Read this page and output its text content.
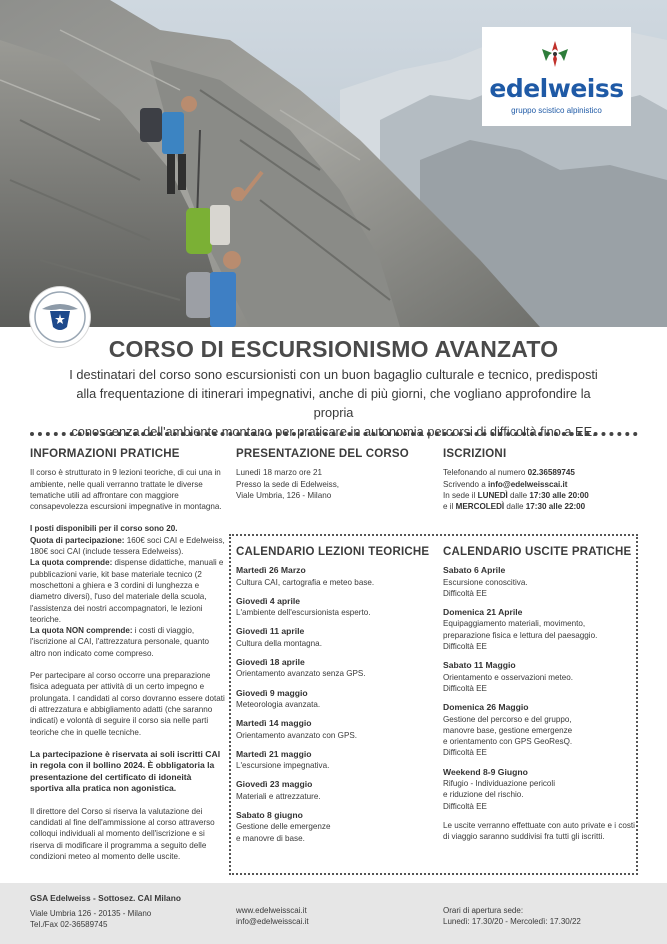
edelweiss
gruppo scistico alpinistico
CORSO DI ESCURSIONISMO AVANZATO
I destinatari del corso sono escursionisti con un buon bagaglio culturale e tecnico, predisposti
alla frequentazione di itinerari impegnativi, anche di più giorni, che vogliano approfondire la propria
conoscenza dell'ambiente montano per praticare in autonomia percorsi di difficoltà fino a EE.
INFORMAZIONI PRATICHE
Il corso è strutturato in 9 lezioni teoriche, di cui una in ambiente, nelle quali verranno trattate le diverse tematiche utili ad affrontare con maggiore consapevolezza escursioni impegnative in montagna.
I posti disponibili per il corso sono 20.
Quota di partecipazione: 160€ soci CAI e Edelweiss, 180€ soci CAI (include tessera Edelweiss).
La quota comprende: dispense didattiche, manuali e pubblicazioni varie, kit base materiale tecnico (2 moschettoni a ghiera e 3 cordini di lunghezza e diametro diversi), l'uso del materiale della scuola, l'assistenza dei nostri accompagnatori, le lezioni teoriche.
La quota NON comprende: i costi di viaggio, l'iscrizione al CAI, l'attrezzatura personale, quanto altro non indicato come compreso.
Per partecipare al corso occorre una preparazione fisica adeguata per attività di un certo impegno e prolungata. I candidati al corso dovranno essere dotati di attrezzatura e abbigliamento adatti (che saranno indicati) e volontà di seguire il corso sia nelle parti teoriche che in quelle tecniche.
La partecipazione è riservata ai soli iscritti CAI in regola con il bollino 2024. È obbligatoria la presentazione del certificato di idoneità sportiva alla pratica non agonistica.
Il direttore del Corso si riserva la valutazione dei candidati al fine dell'ammissione al corso attraverso colloqui individuali al momento dell'iscrizione e si riserva di modificare il programma a seguito delle condizioni meteo al momento delle uscite.
PRESENTAZIONE DEL CORSO
Lunedì 18 marzo ore 21
Presso la sede di Edelweiss,
Viale Umbria, 126 - Milano
ISCRIZIONI
Telefonando al numero 02.36589745
Scrivendo a info@edelweisscai.it
In sede il LUNEDÌ dalle 17:30 alle 20:00
e il MERCOLEDÌ dalle 17:30 alle 22:00
CALENDARIO LEZIONI TEORICHE
Martedì 26 Marzo
Cultura CAI, cartografia e meteo base.
Giovedì 4 aprile
L'ambiente dell'escursionista esperto.
Giovedì 11 aprile
Cultura della montagna.
Giovedì 18 aprile
Orientamento avanzato senza GPS.
Giovedì 9 maggio
Meteorologia avanzata.
Martedì 14 maggio
Orientamento avanzato con GPS.
Martedì 21 maggio
L'escursione impegnativa.
Giovedì 23 maggio
Materiali e attrezzature.
Sabato 8 giugno
Gestione delle emergenze
e manovre di base.
CALENDARIO USCITE PRATICHE
Sabato 6 Aprile
Escursione conoscitiva.
Difficoltà EE
Domenica 21 Aprile
Equipaggiamento materiali, movimento,
preparazione fisica e lettura del paesaggio.
Difficoltà EE
Sabato 11 Maggio
Orientamento e osservazioni meteo.
Difficoltà EE
Domenica 26 Maggio
Gestione del percorso e del gruppo,
manovre base, gestione emergenze
e orientamento con GPS GeoResQ.
Difficoltà EE
Weekend 8-9 Giugno
Rifugio - Individuazione pericoli
e riduzione del rischio.
Difficoltà EE
Le uscite verranno effettuate con auto private e i costi di viaggio saranno suddivisi fra tutti gli iscritti.
GSA Edelweiss - Sottosez. CAI Milano
Viale Umbria 126 - 20135 - Milano
Tel./Fax 02-36589745
www.edelweisscai.it
info@edelweisscai.it
Orari di apertura sede:
Lunedì: 17.30/20 - Mercoledì: 17.30/22
